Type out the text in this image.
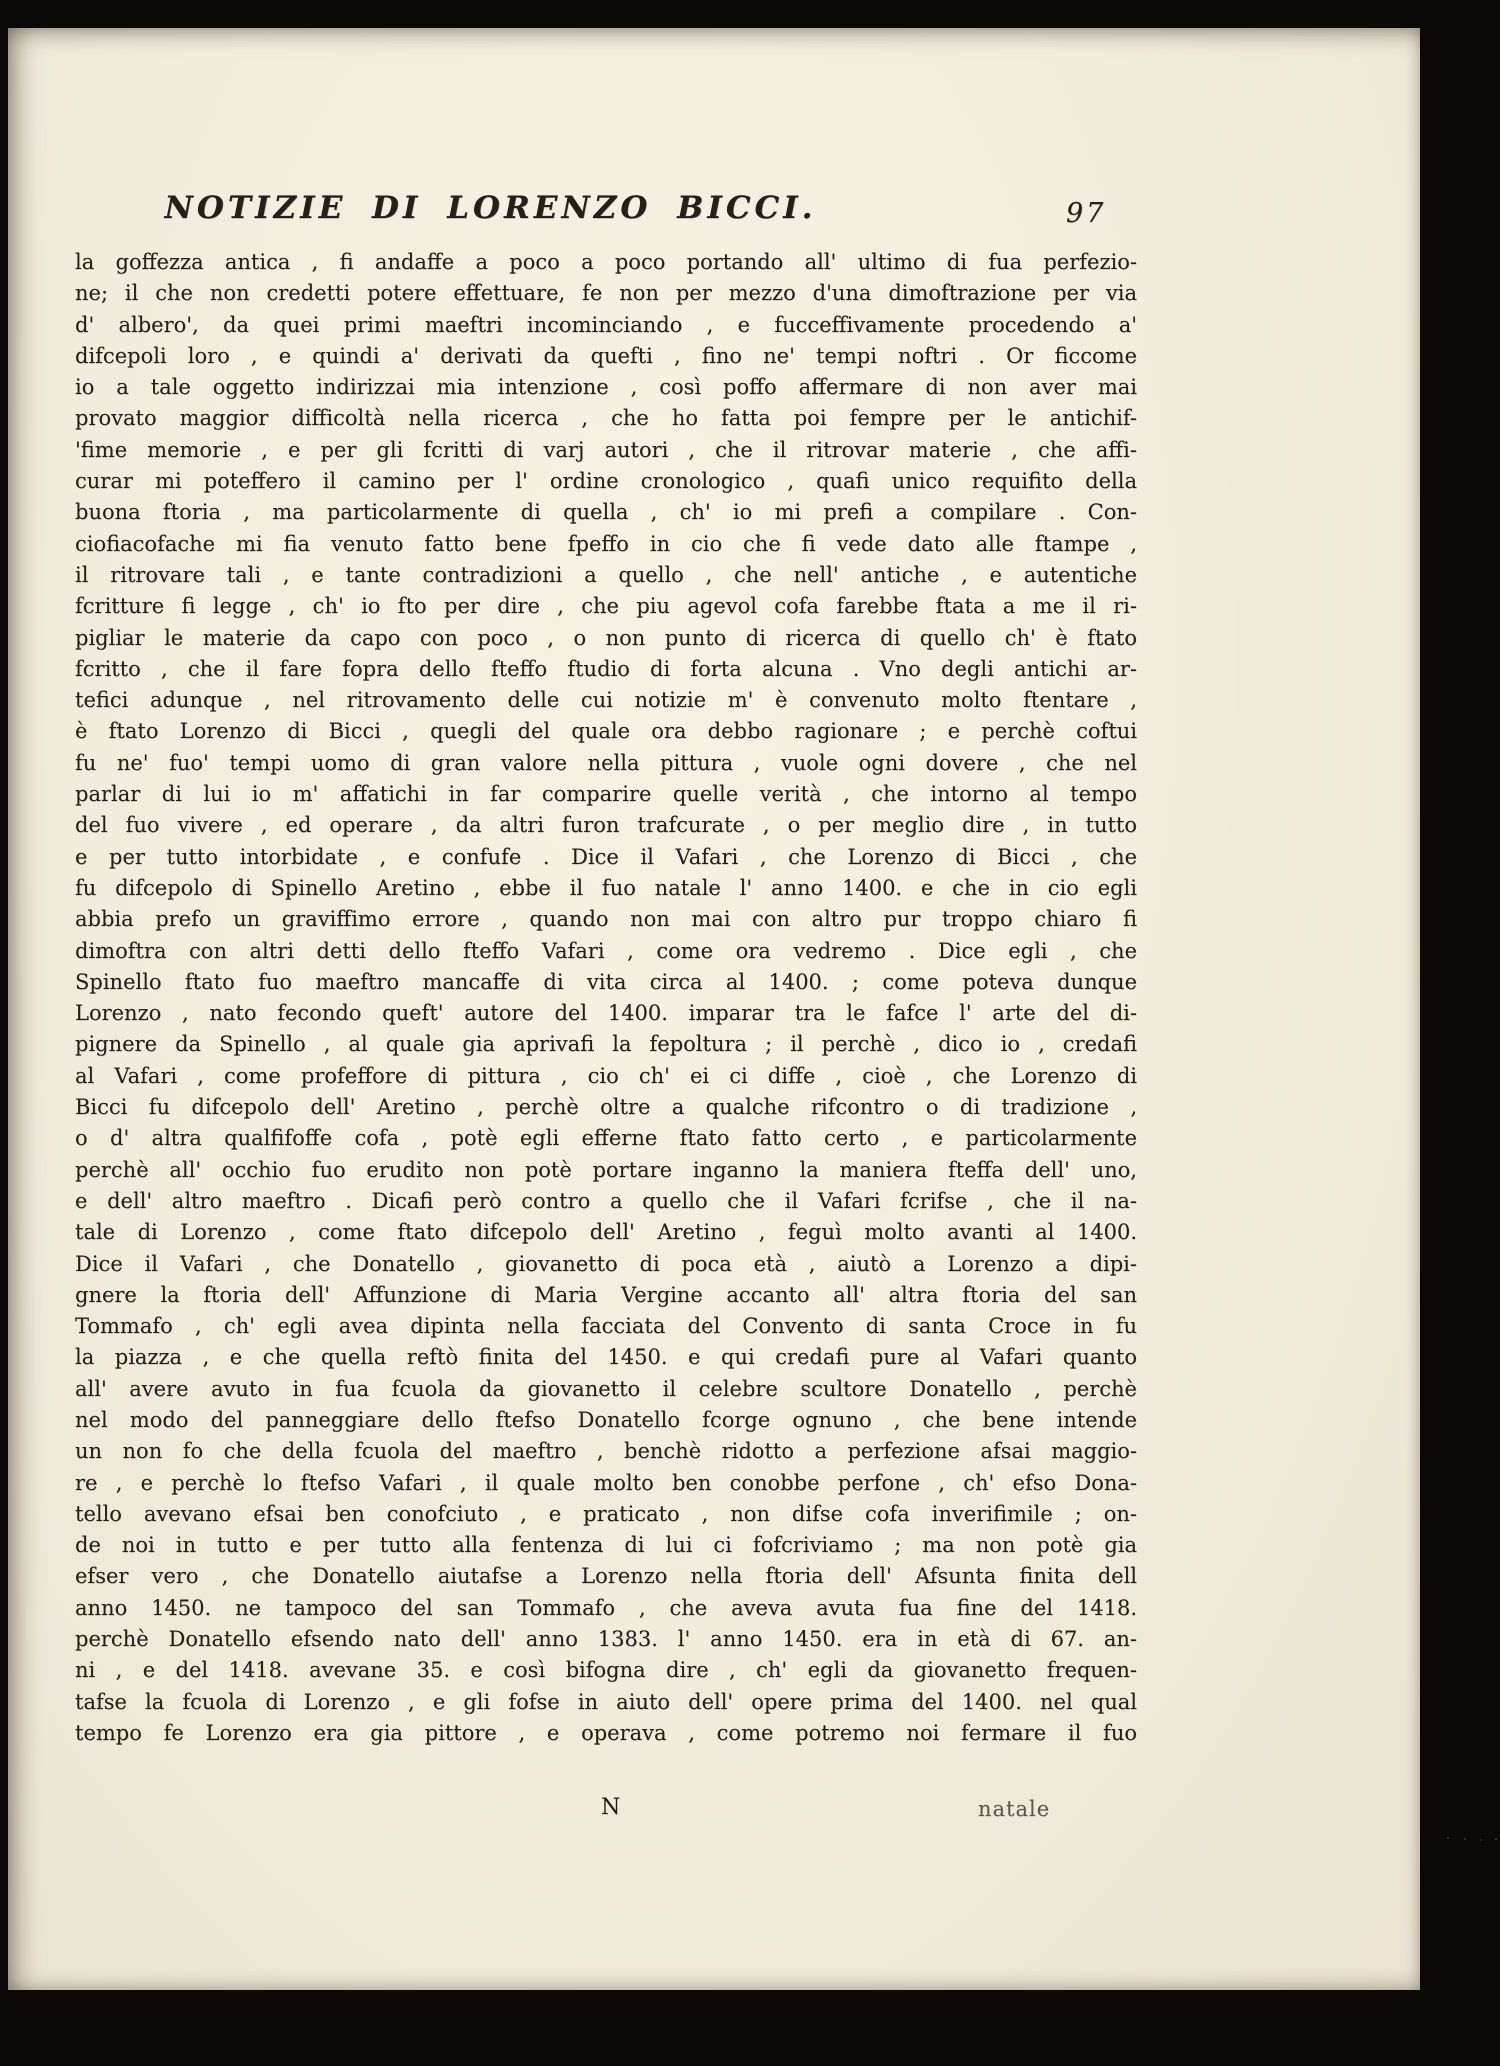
NOTIZIE DI LORENZO BICCI.	97
la goffezza antica , fi andaffe a poco a poco portando all' ultimo di fua perfezio-
ne; il che non credetti potere effettuare, fe non per mezzo d'una dimoftrazione per via
d' albero', da quei primi maeftri incominciando , e fucceffivamente procedendo a'
difcepoli loro , e quindi a' derivati da quefti , fino ne' tempi noftri . Or ficcome
io a tale oggetto indirizzai mia intenzione , così poffo affermare di non aver mai
provato maggior difficoltà nella ricerca , che ho fatta poi fempre per le antichif-
'fime memorie , e per gli fcritti di varj autori , che il ritrovar materie , che affi-
curar mi poteffero il camino per l' ordine cronologico , quafi unico requifito della
buona ftoria , ma particolarmente di quella , ch' io mi prefi a compilare . Con-
ciofiacofache mi fia venuto fatto bene fpeffo in cio che fi vede dato alle ftampe ,
il ritrovare tali , e tante contradizioni a quello , che nell' antiche , e autentiche
fcritture fi legge , ch' io fto per dire , che piu agevol cofa farebbe ftata a me il ri-
pigliar le materie da capo con poco , o non punto di ricerca di quello ch' è ftato
fcritto , che il fare fopra dello fteffo ftudio di forta alcuna . Vno degli antichi ar-
tefici adunque , nel ritrovamento delle cui notizie m' è convenuto molto ftentare ,
è ftato Lorenzo di Bicci , quegli del quale ora debbo ragionare ; e perchè coftui
fu ne' fuo' tempi uomo di gran valore nella pittura , vuole ogni dovere , che nel
parlar di lui io m' affatichi in far comparire quelle verità , che intorno al tempo
del fuo vivere , ed operare , da altri furon trafcurate , o per meglio dire , in tutto
e per tutto intorbidate , e confufe . Dice il Vafari , che Lorenzo di Bicci , che
fu difcepolo di Spinello Aretino , ebbe il fuo natale l' anno 1400. e che in cio egli
abbia prefo un graviffimo errore , quando non mai con altro pur troppo chiaro fi
dimoftra con altri detti dello fteffo Vafari , come ora vedremo . Dice egli , che
Spinello ftato fuo maeftro mancaffe di vita circa al 1400. ; come poteva dunque
Lorenzo , nato fecondo queft' autore del 1400. imparar tra le fafce l' arte del di-
pignere da Spinello , al quale gia aprivafi la fepoltura ; il perchè , dico io , credafi
al Vafari , come profeffore di pittura , cio ch' ei ci diffe , cioè , che Lorenzo di
Bicci fu difcepolo dell' Aretino , perchè oltre a qualche rifcontro o di tradizione ,
o d' altra qualfifoffe cofa , potè egli efferne ftato fatto certo , e particolarmente
perchè all' occhio fuo erudito non potè portare inganno la maniera fteffa dell' uno,
e dell' altro maeftro . Dicafi però contro a quello che il Vafari fcrifse , che il na-
tale di Lorenzo , come ftato difcepolo dell' Aretino , feguì molto avanti al 1400.
Dice il Vafari , che Donatello , giovanetto di poca età , aiutò a Lorenzo a dipi-
gnere la ftoria dell' Affunzione di Maria Vergine accanto all' altra ftoria del san
Tommafo , ch' egli avea dipinta nella facciata del Convento di santa Croce in fu
la piazza , e che quella reftò finita del 1450. e qui credafi pure al Vafari quanto
all' avere avuto in fua fcuola da giovanetto il celebre scultore Donatello , perchè
nel modo del panneggiare dello ftefso Donatello fcorge ognuno , che bene intende
un non fo che della fcuola del maeftro , benchè ridotto a perfezione afsai maggio-
re , e perchè lo ftefso Vafari , il quale molto ben conobbe perfone , ch' efso Dona-
tello avevano efsai ben conofciuto , e praticato , non difse cofa inverifimile ; on-
de noi in tutto e per tutto alla fentenza di lui ci fofcriviamo ; ma non potè gia
efser vero , che Donatello aiutafse a Lorenzo nella ftoria dell' Afsunta finita dell
anno 1450. ne tampoco del san Tommafo , che aveva avuta fua fine del 1418.
perchè Donatello efsendo nato dell' anno 1383. l' anno 1450. era in età di 67. an-
ni , e del 1418. avevane 35. e così bifogna dire , ch' egli da giovanetto frequen-
tafse la fcuola di Lorenzo , e gli fofse in aiuto dell' opere prima del 1400. nel qual
tempo fe Lorenzo era gia pittore , e operava , come potremo noi fermare il fuo
N	natale
